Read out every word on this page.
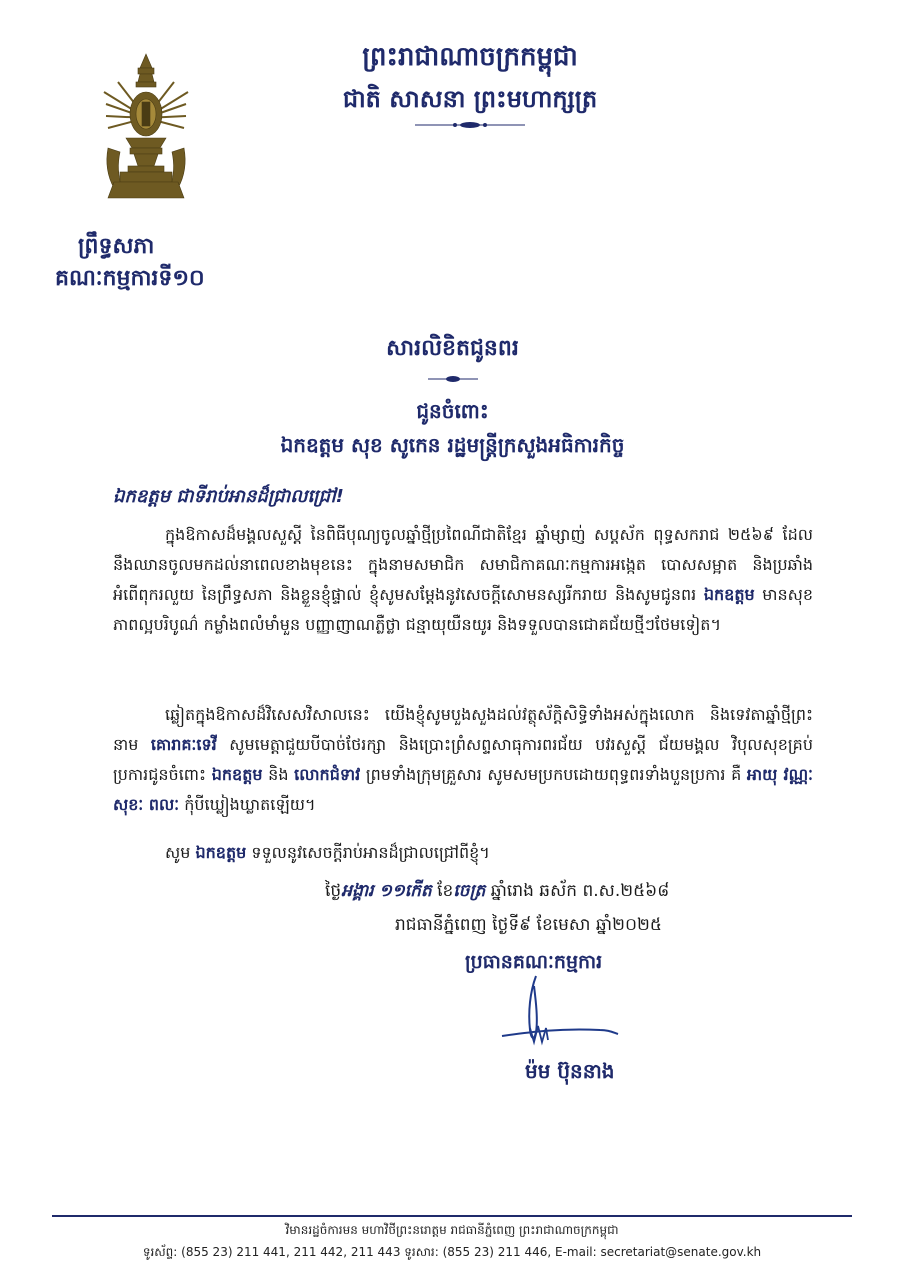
ព្រះរាជាណាចក្រកម្ពុជា
ជាតិ សាសនា ព្រះមហាក្សត្រ
ព្រឹទ្ធសភា
គណៈកម្មការទី១០
សារលិខិតជូនពរ
ជូនចំពោះ
ឯកឧត្តម សុខ សូកេន រដ្ឋមន្ត្រីក្រសួងអធិការកិច្ច
ឯកឧត្តម ជាទីរាប់អានដ៏ជ្រាលជ្រៅ!
ក្នុងឱកាសដ៏មង្គលសួស្តី នៃពិធីបុណ្យចូលឆ្នាំថ្មីប្រពៃណីជាតិខ្មែរ ឆ្នាំម្សាញ់ សប្តស័ក ពុទ្ធសករាជ ២៥៦៩ ដែលនឹងឈានចូលមកដល់នាពេលខាងមុខនេះ ក្នុងនាមសមាជិក សមាជិកាគណៈកម្មការអង្កេត បោសសម្អាត និងប្រឆាំងអំពើពុករលួយ នៃព្រឹទ្ធសភា និងខ្លួនខ្ញុំផ្ទាល់ ខ្ញុំសូមសម្តែងនូវសេចក្តីសោមនស្សរីករាយ និងសូមជូនពរ ឯកឧត្តម មានសុខភាពល្អបរិបូណ៌ កម្លាំងពលំមាំមួន បញ្ញាញាណភ្លឺថ្លា ជន្មាយុយឺនយូរ និងទទួលបានជោគជ័យថ្មីៗថែមទៀត។
ឆ្លៀតក្នុងឱកាសដ៏វិសេសវិសាលនេះ យើងខ្ញុំសូមបួងសួងដល់វត្ថុស័ក្តិសិទ្ធិទាំងអស់ក្នុងលោក និងទេវតាឆ្នាំថ្មីព្រះនាម គោរាគៈទេវី សូមមេត្តាជួយបីបាច់ថែរក្សា និងប្រោះព្រំសព្ទសាធុការពរជ័យ បវរសួស្តី ជ័យមង្គល វិបុលសុខគ្រប់ប្រការជូនចំពោះ ឯកឧត្តម និង លោកជំទាវ ព្រមទាំងក្រុមគ្រួសារ សូមសមប្រកបដោយពុទ្ធពរទាំងបួនប្រការ គឺ អាយុ វណ្ណៈ សុខៈ ពលៈ កុំបីឃ្លៀងឃ្លាតឡើយ។
សូម ឯកឧត្តម ទទួលនូវសេចក្តីរាប់អានដ៏ជ្រាលជ្រៅពីខ្ញុំ។
ថ្ងៃអង្គារ ១១កើត ខែចេត្រ ឆ្នាំរោង ឆស័ក ព.ស.២៥៦៨
រាជធានីភ្នំពេញ ថ្ងៃទី៩ ខែមេសា ឆ្នាំ២០២៥
ប្រធានគណៈកម្មការ
ម៉ម ប៊ុននាង
វិមានរដ្ឋចំការមន មហាវិថីព្រះនរោត្តម រាជធានីភ្នំពេញ ព្រះរាជាណាចក្រកម្ពុជា
ទូរស័ព្ទ: (855 23) 211 441, 211 442, 211 443 ទូរសារ: (855 23) 211 446, E-mail: secretariat@senate.gov.kh
